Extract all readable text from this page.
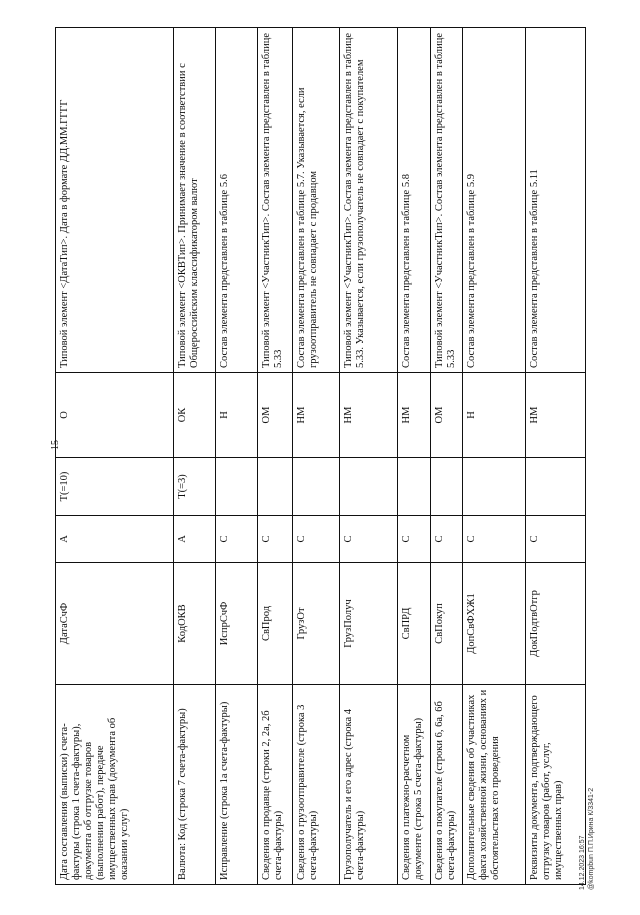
15
14.12.2023 16:57 @kompbun П.П.Ирина К/3341-2
Дата составления (выписки) счета-фактуры (строка 1 счета-фактуры), документа об отгрузке товаров (выполнении работ), передаче имущественных прав (документа об оказании услуг)	ДатаСчФ	А	Т(=10)	О	Типовой элемент <ДатаТип>. Дата в формате ДД.ММ.ГГГГ
Валюта: Код (строка 7 счета-фактуры)	КодОКВ	А	Т(=3)	ОК	Типовой элемент <ОКВТип>. Принимает значение в соответствии с Общероссийским классификатором валют
Исправление (строка 1а счета-фактуры)	ИспрСчФ	С		Н	Состав элемента представлен в таблице 5.6
Сведения о продавце (строки 2, 2а, 2б счета-фактуры)	СвПрод	С		ОМ	Типовой элемент <УчастникТип>. Состав элемента представлен в таблице 5.33
Сведения о грузоотправителе (строка 3 счета-фактуры)	ГрузОт	С		НМ	Состав элемента представлен в таблице 5.7. Указывается, если грузоотправитель не совпадает с продавцом
Грузополучатель и его адрес (строка 4 счета-фактуры)	ГрузПолуч	С		НМ	Типовой элемент <УчастникТип>. Состав элемента представлен в таблице 5.33. Указывается, если грузополучатель не совпадает с покупателем
Сведения о платежно-расчетном документе (строка 5 счета-фактуры)	СвПРД	С		НМ	Состав элемента представлен в таблице 5.8
Сведения о покупателе (строки 6, 6а, 6б счета-фактуры)	СвПокуп	С		ОМ	Типовой элемент <УчастникТип>. Состав элемента представлен в таблице 5.33
Дополнительные сведения об участниках факта хозяйственной жизни, основаниях и обстоятельствах его проведения	ДопСвФХЖ1	С		Н	Состав элемента представлен в таблице 5.9
Реквизиты документа, подтверждающего отгрузку товаров (работ, услуг, имущественных прав)	ДокПодтвОтгр	С		НМ	Состав элемента представлен в таблице 5.11
